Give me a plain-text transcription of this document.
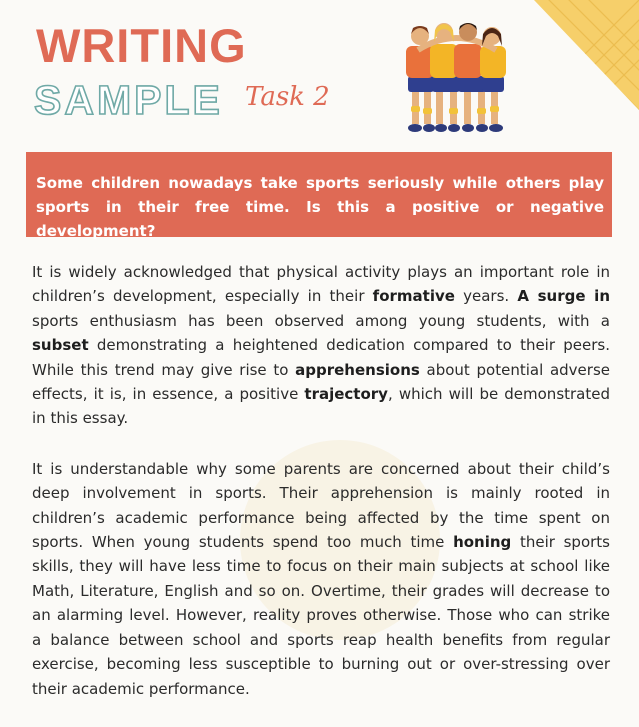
WRITING
SAMPLE Task 2

Some children nowadays take sports seriously while others play sports in their free time. Is this a positive or negative development?

It is widely acknowledged that physical activity plays an important role in children’s development, especially in their formative years. A surge in sports enthusiasm has been observed among young students, with a subset demonstrating a heightened dedication compared to their peers. While this trend may give rise to apprehensions about potential adverse effects, it is, in essence, a positive trajectory, which will be demonstrated in this essay.

It is understandable why some parents are concerned about their child’s deep involvement in sports. Their apprehension is mainly rooted in children’s academic performance being affected by the time spent on sports. When young students spend too much time honing their sports skills, they will have less time to focus on their main subjects at school like Math, Literature, English and so on. Overtime, their grades will decrease to an alarming level. However, reality proves otherwise. Those who can strike a balance between school and sports reap health benefits from regular exercise, becoming less susceptible to burning out or over-stressing over their academic performance.
